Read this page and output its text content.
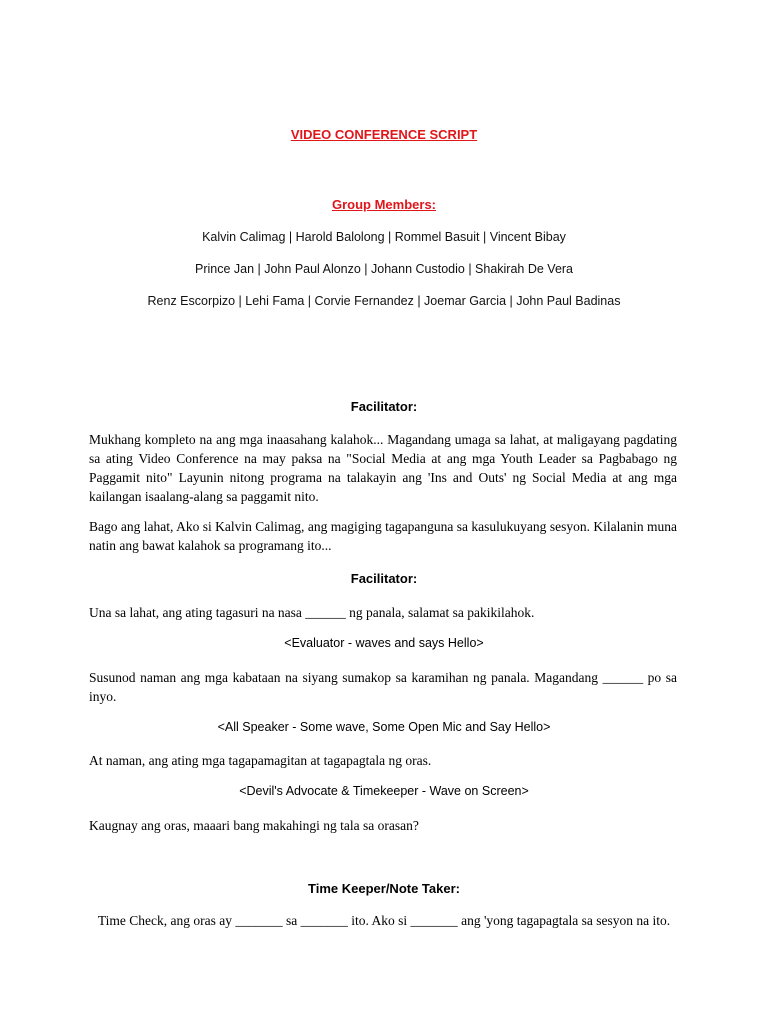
VIDEO CONFERENCE SCRIPT
Group Members:
Kalvin Calimag | Harold Balolong | Rommel Basuit | Vincent Bibay
Prince Jan | John Paul Alonzo | Johann Custodio | Shakirah De Vera
Renz Escorpizo | Lehi Fama | Corvie Fernandez | Joemar Garcia | John Paul Badinas
Facilitator:
Mukhang kompleto na ang mga inaasahang kalahok... Magandang umaga sa lahat, at maligayang pagdating sa ating Video Conference na may paksa na "Social Media at ang mga Youth Leader sa Pagbabago ng Paggamit nito" Layunin nitong programa na talakayin ang 'Ins and Outs' ng Social Media at ang mga kailangan isaalang-alang sa paggamit nito.
Bago ang lahat, Ako si Kalvin Calimag, ang magiging tagapanguna sa kasulukuyang sesyon. Kilalanin muna natin ang bawat kalahok sa programang ito...
Facilitator:
Una sa lahat, ang ating tagasuri na nasa ______ ng panala, salamat sa pakikilahok.
<Evaluator - waves and says Hello>
Susunod naman ang mga kabataan na siyang sumakop sa karamihan ng panala. Magandang ______ po sa inyo.
<All Speaker - Some wave, Some Open Mic and Say Hello>
At naman, ang ating mga tagapamagitan at tagapagtala ng oras.
<Devil's Advocate & Timekeeper - Wave on Screen>
Kaugnay ang oras, maaari bang makahingi ng tala sa orasan?
Time Keeper/Note Taker:
Time Check, ang oras ay _______ sa _______ ito. Ako si _______ ang 'yong tagapagtala sa sesyon na ito.
